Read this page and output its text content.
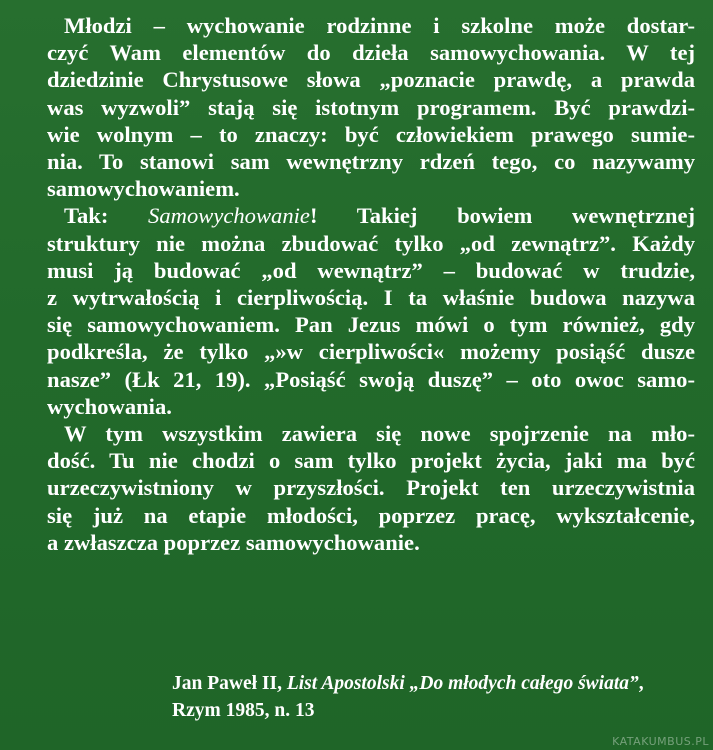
Młodzi – wychowanie rodzinne i szkolne może dostar-
czyć Wam elementów do dzieła samowychowania. W tej
dziedzinie Chrystusowe słowa „poznacie prawdę, a prawda
was wyzwoli” stają się istotnym programem. Być prawdzi-
wie wolnym – to znaczy: być człowiekiem prawego sumie-
nia. To stanowi sam wewnętrzny rdzeń tego, co nazywamy
samowychowaniem.
Tak: Samowychowanie! Takiej bowiem wewnętrznej
struktury nie można zbudować tylko „od zewnątrz”. Każdy
musi ją budować „od wewnątrz” – budować w trudzie,
z wytrwałością i cierpliwością. I ta właśnie budowa nazywa
się samowychowaniem. Pan Jezus mówi o tym również, gdy
podkreśla, że tylko „»w cierpliwości« możemy posiąść dusze
nasze” (Łk 21, 19). „Posiąść swoją duszę” – oto owoc samo-
wychowania.
W tym wszystkim zawiera się nowe spojrzenie na mło-
dość. Tu nie chodzi o sam tylko projekt życia, jaki ma być
urzeczywistniony w przyszłości. Projekt ten urzeczywistnia
się już na etapie młodości, poprzez pracę, wykształcenie,
a zwłaszcza poprzez samowychowanie.
Jan Paweł II, List Apostolski „Do młodych całego świata”,
Rzym 1985, n. 13
KATAKUMBUS.PL
